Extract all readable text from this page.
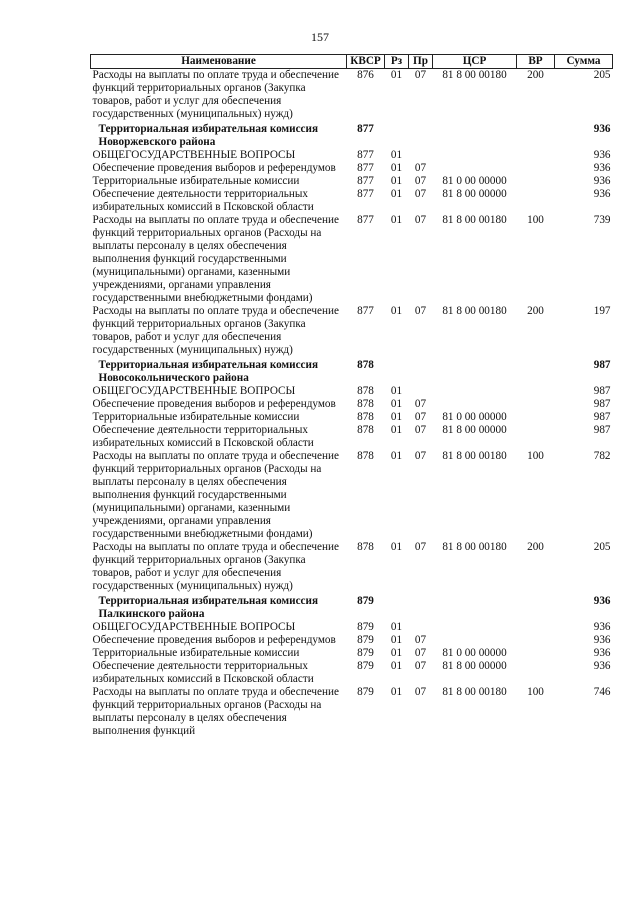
157
Наименование	КВСР	Рз	Пр	ЦСР	ВР	Сумма
Расходы на выплаты по оплате труда и обеспечение функций территориальных органов (Закупка товаров, работ и услуг для обеспечения государственных (муниципальных) нужд)	876	01	07	81 8 00 00180	200	205
Территориальная избирательная комиссия Новоржевского района	877					936
ОБЩЕГОСУДАРСТВЕННЫЕ ВОПРОСЫ	877	01				936
Обеспечение проведения выборов и референдумов	877	01	07			936
Территориальные избирательные комиссии	877	01	07	81 0 00 00000		936
Обеспечение деятельности территориальных избирательных комиссий в Псковской области	877	01	07	81 8 00 00000		936
Расходы на выплаты по оплате труда и обеспечение функций территориальных органов (Расходы на выплаты персоналу в целях обеспечения выполнения функций государственными (муниципальными) органами, казенными учреждениями, органами управления государственными внебюджетными фондами)	877	01	07	81 8 00 00180	100	739
Расходы на выплаты по оплате труда и обеспечение функций территориальных органов (Закупка товаров, работ и услуг для обеспечения государственных (муниципальных) нужд)	877	01	07	81 8 00 00180	200	197
Территориальная избирательная комиссия Новосокольнического района	878					987
ОБЩЕГОСУДАРСТВЕННЫЕ ВОПРОСЫ	878	01				987
Обеспечение проведения выборов и референдумов	878	01	07			987
Территориальные избирательные комиссии	878	01	07	81 0 00 00000		987
Обеспечение деятельности территориальных избирательных комиссий в Псковской области	878	01	07	81 8 00 00000		987
Расходы на выплаты по оплате труда и обеспечение функций территориальных органов (Расходы на выплаты персоналу в целях обеспечения выполнения функций государственными (муниципальными) органами, казенными учреждениями, органами управления государственными внебюджетными фондами)	878	01	07	81 8 00 00180	100	782
Расходы на выплаты по оплате труда и обеспечение функций территориальных органов (Закупка товаров, работ и услуг для обеспечения государственных (муниципальных) нужд)	878	01	07	81 8 00 00180	200	205
Территориальная избирательная комиссия Палкинского района	879					936
ОБЩЕГОСУДАРСТВЕННЫЕ ВОПРОСЫ	879	01				936
Обеспечение проведения выборов и референдумов	879	01	07			936
Территориальные избирательные комиссии	879	01	07	81 0 00 00000		936
Обеспечение деятельности территориальных избирательных комиссий в Псковской области	879	01	07	81 8 00 00000		936
Расходы на выплаты по оплате труда и обеспечение функций территориальных органов (Расходы на выплаты персоналу в целях обеспечения выполнения функций	879	01	07	81 8 00 00180	100	746
